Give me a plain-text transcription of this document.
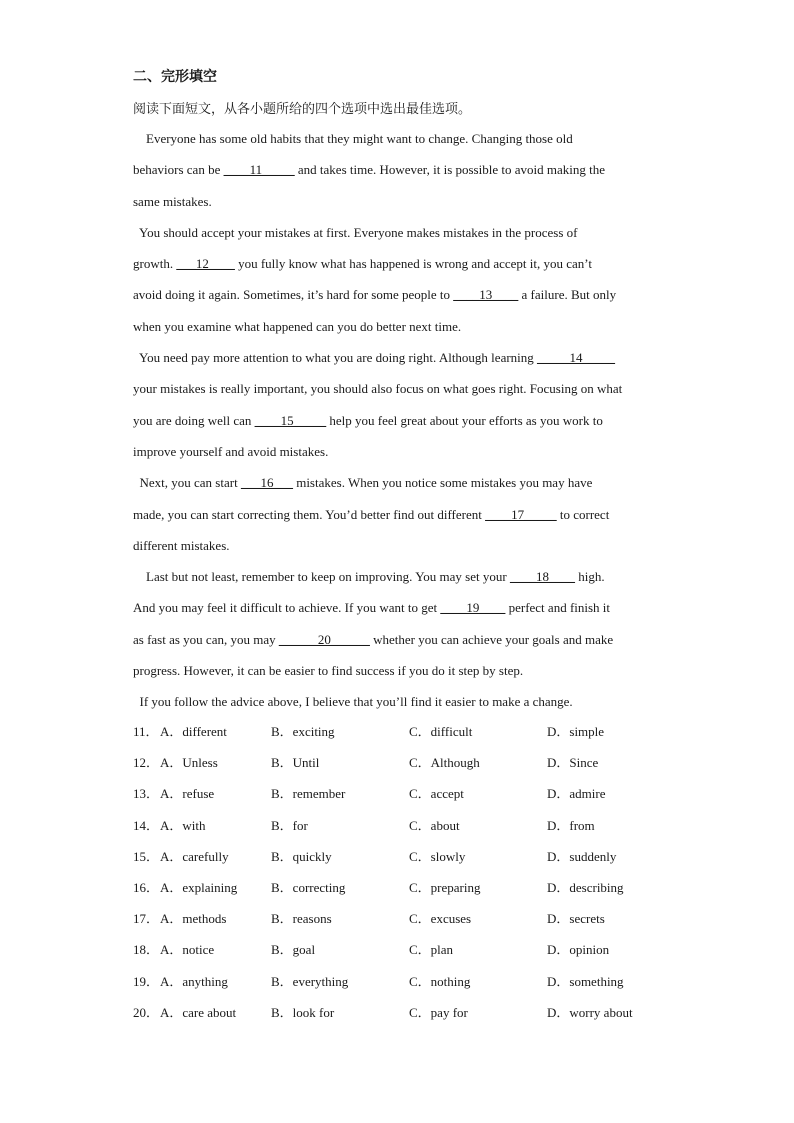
二、完形填空
阅读下面短文，从各小题所给的四个选项中选出最佳选项。
Everyone has some old habits that they might want to change. Changing those old
behaviors can be ____11_____ and takes time. However, it is possible to avoid making the
same mistakes.
You should accept your mistakes at first. Everyone makes mistakes in the process of
growth. ___12____ you fully know what has happened is wrong and accept it, you can’t
avoid doing it again. Sometimes, it’s hard for some people to ____13____ a failure. But only
when you examine what happened can you do better next time.
You need pay more attention to what you are doing right. Although learning _____14_____
your mistakes is really important, you should also focus on what goes right. Focusing on what
you are doing well can ____15_____ help you feel great about your efforts as you work to
improve yourself and avoid mistakes.
Next, you can start ___16___ mistakes. When you notice some mistakes you may have
made, you can start correcting them. You’d better find out different ____17_____ to correct
different mistakes.
Last but not least, remember to keep on improving. You may set your ____18____ high.
And you may feel it difficult to achieve. If you want to get ____19____ perfect and finish it
as fast as you can, you may ______20______ whether you can achieve your goals and make
progress. However, it can be easier to find success if you do it step by step.
If you follow the advice above, I believe that you’ll find it easier to make a change.
11． A．different	B．exciting	C．difficult	D．simple
12． A．Unless	B．Until	C．Although	D．Since
13． A．refuse	B．remember	C．accept	D．admire
14． A．with	B．for	C．about	D．from
15． A．carefully	B．quickly	C．slowly	D．suddenly
16． A．explaining	B．correcting	C．preparing	D．describing
17． A．methods	B．reasons	C．excuses	D．secrets
18． A．notice	B．goal	C．plan	D．opinion
19． A．anything	B．everything	C．nothing	D．something
20． A．care about	B．look for	C．pay for	D．worry about
